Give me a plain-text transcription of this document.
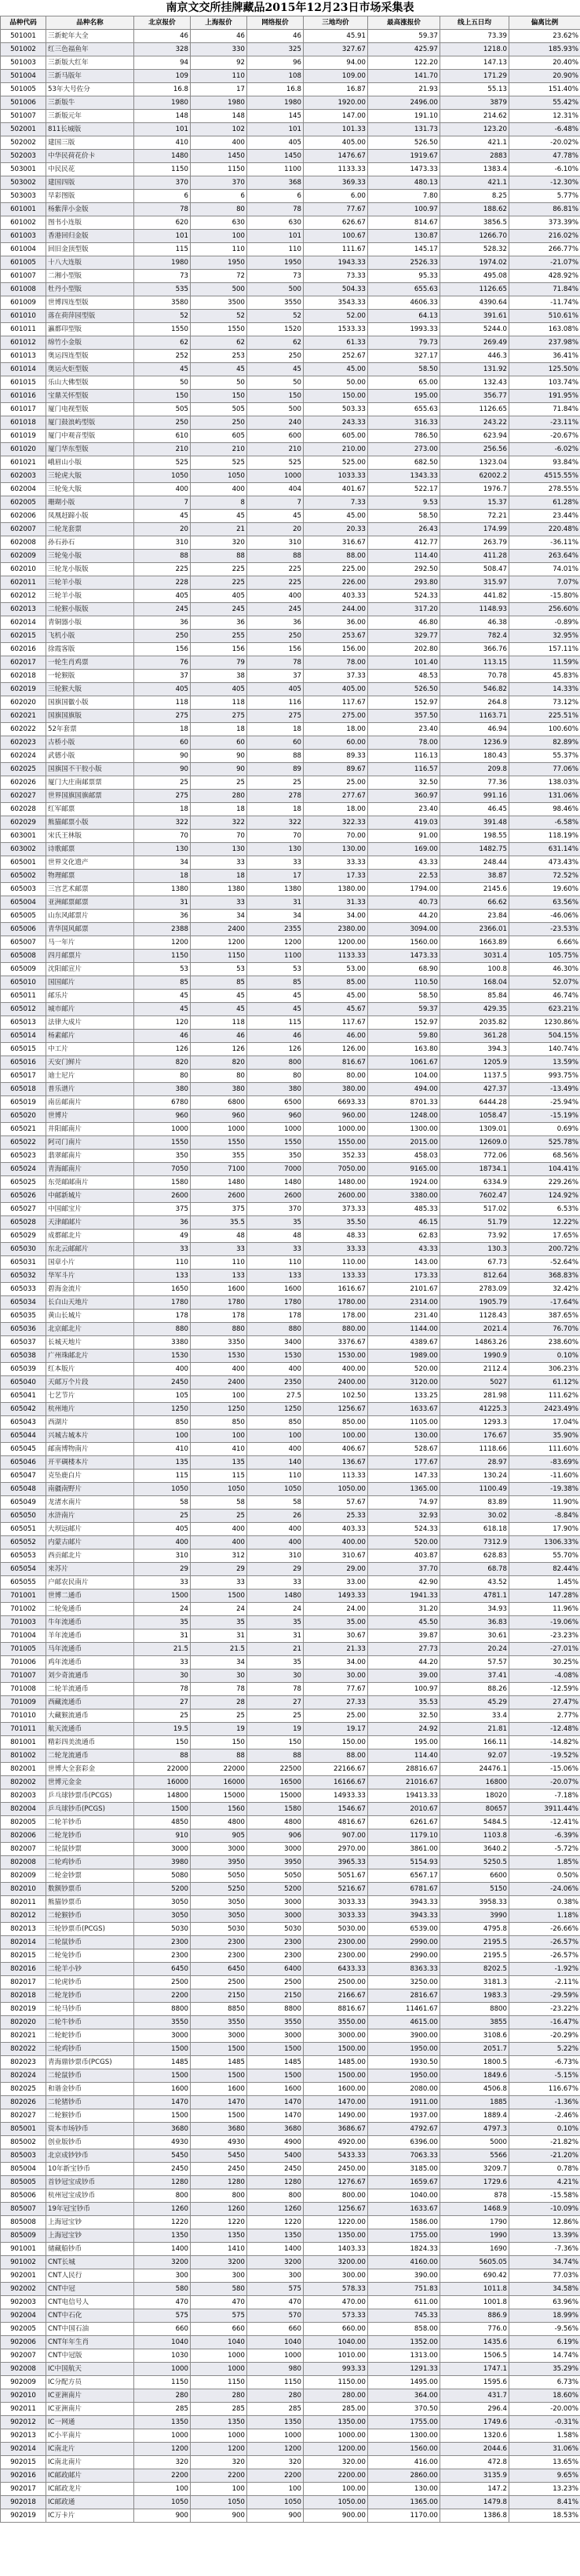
南京文交所挂牌藏品2015年12月23日市场采集表
品种代码	品种名称	北京报价	上海报价	网络报价	三地均价	最高涨报价	线上五日均	偏离比例
501001	三新蛇年大全	46	46	46	45.91	59.37	73.39	23.62%
501002	红三色福鱼年	328	330	325	327.67	425.97	1218.0	185.93%
501003	三新版大红年	94	92	96	94.00	122.20	147.13	20.40%
501004	三新马版年	109	110	108	109.00	141.70	171.29	20.90%
501005	53年大号佐分	16.8	17	16.8	16.87	21.93	55.13	151.40%
501006	三新版牛	1980	1980	1980	1920.00	2496.00	3879	55.42%
501007	三新版元年	148	148	145	147.00	191.10	214.62	12.31%
502001	811长城版	101	102	101	101.33	131.73	123.20	-6.48%
502002	建国三版	410	400	405	405.00	526.50	421.1	-20.02%
502003	中华民荷花价卡	1480	1450	1450	1476.67	1919.67	2883	47.78%
503001	中民民花	1150	1150	1100	1133.33	1473.33	1383.4	-6.10%
503002	建国四版	370	370	368	369.33	480.13	421.1	-12.30%
503003	早彩图版	6	6	6	6.00	7.80	8.25	5.77%
601001	杨紫萍小金版	78	80	78	77.67	100.97	188.62	86.81%
601002	图书小连版	620	630	630	626.67	814.67	3856.5	373.39%
601003	香港回归金版	101	100	101	100.67	130.87	1266.70	216.02%
601004	回旧金顶型版	115	110	110	111.67	145.17	528.32	266.77%
601005	十八大连版	1980	1950	1950	1943.33	2526.33	1974.02	-21.07%
601007	二湘小型版	73	72	73	73.33	95.33	495.08	428.92%
601008	牡丹小型版	535	500	500	504.33	655.63	1126.65	71.84%
601009	世博四连型版	3580	3500	3550	3543.33	4606.33	4390.64	-11.74%
601010	落在荷萍园型版	52	52	52	52.00	64.13	391.61	510.61%
601011	瀛都印型版	1550	1550	1520	1533.33	1993.33	5244.0	163.08%
601012	绵竹小金版	62	62	62	61.33	79.73	269.49	237.98%
601013	奥运四连型版	252	253	250	252.67	327.17	446.3	36.41%
601014	奥运火炬型版	45	45	45	45.00	58.50	131.92	125.50%
601015	乐山大佛型版	50	50	50	50.00	65.00	132.43	103.74%
601016	宝鼎关怀型版	150	150	150	150.00	195.00	356.77	191.95%
601017	厦门电视型版	505	505	500	503.33	655.63	1126.65	71.84%
601018	厦门鼓浪屿型版	250	250	240	243.33	316.33	243.22	-23.11%
601019	厦门中观音型版	610	605	600	605.00	786.50	623.94	-20.67%
601020	厦门华东型版	210	210	210	210.00	273.00	256.56	-6.02%
601021	峨眉山小版	525	525	525	525.00	682.50	1323.04	93.84%
602003	三轮虎大版	1050	1050	1000	1033.33	1343.33	62002.2	4515.55%
602004	三轮兔大版	400	400	404	401.67	522.17	1976.7	278.55%
602005	珊瑚小版	7	8	7	7.33	9.53	15.37	61.28%
602006	凤凰赶蹄小版	45	45	45	45.00	58.50	72.21	23.44%
602007	二轮龙套票	20	21	20	20.33	26.43	174.99	220.48%
602008	孙石孙石	310	320	310	316.67	412.77	263.79	-36.11%
602009	三轮兔小版	88	88	88	88.00	114.40	411.28	263.64%
602010	三轮龙小版版	225	225	225	225.00	292.50	508.47	74.01%
602011	三轮羊小版	228	225	225	226.00	293.80	315.97	7.07%
602012	三轮羊小版	405	405	400	403.33	524.33	441.82	-15.80%
602013	二轮猴小版版	245	245	245	244.00	317.20	1148.93	256.60%
602014	青铜器小版	36	36	36	36.00	46.80	46.38	-0.89%
602015	飞机小版	250	255	250	253.67	329.77	782.4	32.95%
602016	徐霞客版	156	156	156	156.00	202.80	366.76	157.11%
602017	一轮生肖鸡票	76	79	78	78.00	101.40	113.15	11.59%
602018	一轮猴版	37	38	37	37.33	48.53	70.78	45.83%
602019	三轮猴大版	405	405	405	405.00	526.50	546.82	14.33%
602020	国旗国徽小版	118	118	116	117.67	152.97	264.8	73.12%
602021	国旗国旗版	275	275	275	275.00	357.50	1163.71	225.51%
602022	52年套票	18	18	18	18.00	23.40	46.94	100.60%
602023	古桥小版	60	60	60	60.00	78.00	1236.9	82.89%
602024	武德小版	90	90	88	89.33	116.13	180.43	55.37%
602025	国旗国不干胶小版	90	90	89	89.67	116.57	209.8	77.06%
602026	厦门大庄南邮票票	25	25	25	25.00	32.50	77.36	138.03%
602027	世界国旗国旗邮票	275	280	278	277.67	360.97	991.16	131.06%
602028	红军邮票	18	18	18	18.00	23.40	46.45	98.46%
602029	熊猫邮票小版	322	322	322	322.33	419.03	391.48	-6.58%
603001	宋氏王林版	70	70	70	70.00	91.00	198.55	118.19%
603002	诗歌邮票	130	130	130	130.00	169.00	1482.75	631.14%
605001	世界文化遗产	34	33	33	33.33	43.33	248.44	473.43%
605002	物理邮票	18	18	17	17.33	22.53	38.87	72.52%
605003	三宫艺术邮票	1380	1380	1380	1380.00	1794.00	2145.6	19.60%
605004	亚洲邮票邮票	31	33	31	31.33	40.73	66.62	63.56%
605005	山东风邮票片	36	34	34	34.00	44.20	23.84	-46.06%
605006	青华国风邮票	2388	2400	2355	2380.00	3094.00	2366.01	-23.53%
605007	马一年片	1200	1200	1200	1200.00	1560.00	1663.89	6.66%
605008	四月邮票片	1150	1150	1100	1133.33	1473.33	3031.4	105.75%
605009	沈阳邮宣片	53	53	53	53.00	68.90	100.8	46.30%
605010	国国邮片	85	85	85	85.00	110.50	168.04	52.07%
605011	邮乐片	45	45	45	45.00	58.50	85.84	46.74%
605012	城市邮片	45	45	45	45.67	59.37	429.35	623.21%
605013	法律大成片	120	118	115	117.67	152.97	2035.82	1230.86%
605014	杨素邮片	46	46	46	46.00	59.80	361.28	504.15%
605015	中工片	126	126	126	126.00	163.80	394.3	140.74%
605016	天安门鲜片	820	820	800	816.67	1061.67	1205.9	13.59%
605017	迪士尼片	80	80	80	80.00	104.00	1137.5	993.75%
605018	普乐谱片	380	380	380	380.00	494.00	427.37	-13.49%
605019	南岳邮南片	6780	6800	6500	6693.33	8701.33	6444.28	-25.94%
605020	世博片	960	960	960	960.00	1248.00	1058.47	-15.19%
605021	井阳邮南片	1000	1000	1000	1000.00	1300.00	1309.01	0.69%
605022	阿司门南片	1550	1550	1550	1550.00	2015.00	12609.0	525.78%
605023	翡翠邮南片	350	355	350	352.33	458.03	772.06	68.56%
605024	青海邮南片	7050	7100	7000	7050.00	9165.00	18734.1	104.41%
605025	东莞邮邮南片	1580	1480	1480	1480.00	1924.00	6334.9	229.26%
605026	中邮新城片	2600	2600	2600	2600.00	3380.00	7602.47	124.92%
605027	中国邮宝片	375	375	370	373.33	485.33	517.02	6.53%
605028	天津邮邮片	36	35.5	35	35.50	46.15	51.79	12.22%
605029	成都邮北片	49	48	48	48.33	62.83	73.92	17.65%
605030	东北云邮邮片	33	33	33	33.33	43.33	130.3	200.72%
605031	国章小片	110	110	110	110.00	143.00	67.73	-52.64%
605032	华军斗片	133	133	133	133.33	173.33	812.64	368.83%
605033	碧海金流片	1650	1600	1600	1616.67	2101.67	2783.09	32.42%
605034	长白山天地片	1780	1780	1780	1780.00	2314.00	1905.79	-17.64%
605035	黄山长城片	178	178	178	178.00	231.40	1128.43	387.65%
605036	北京邮北片	880	880	880	880.00	1144.00	2021.4	76.70%
605037	长城天地片	3380	3350	3400	3376.67	4389.67	14863.26	238.60%
605038	广州珠邮北片	1530	1530	1530	1530.00	1989.00	1990.9	0.10%
605039	红本版片	400	400	400	400.00	520.00	2112.4	306.23%
605040	天邮万个片段	2450	2400	2350	2400.00	3120.00	5027	61.12%
605041	七艺节片	105	100	27.5	102.50	133.25	281.98	111.62%
605042	杭州地片	1250	1250	1250	1256.67	1633.67	41225.3	2423.49%
605043	西湖片	850	850	850	850.00	1105.00	1293.3	17.04%
605044	兴城古城本片	100	100	100	100.00	130.00	176.67	35.90%
605045	邮南博物南片	410	410	400	406.67	528.67	1118.66	111.60%
605046	开平碉楼本片	135	135	140	136.67	177.67	28.97	-83.69%
605047	克坠鹿白片	115	115	110	113.33	147.33	130.24	-11.60%
605048	南疆南野片	1050	1050	1050	1050.00	1365.00	1100.49	-19.38%
605049	龙渚水南片	58	58	58	57.67	74.97	83.89	11.90%
605050	水浒南片	25	25	26	25.33	32.93	30.02	-8.84%
605051	大坝远邮片	405	400	400	403.33	524.33	618.18	17.90%
605052	内蒙古邮片	400	400	400	400.00	520.00	7312.9	1306.33%
605053	西贡邮北片	310	312	310	310.67	403.87	628.83	55.70%
605054	来苏片	29	29	29	29.00	37.70	68.78	82.44%
605055	户邮农民南片	33	33	33	33.00	42.90	43.52	1.45%
701001	世博二通币	1500	1500	1480	1493.33	1941.33	4781.1	147.28%
701002	二轮兔通币	24	24	24	24.00	31.20	34.93	11.96%
701003	牛年流通币	35	35	35	35.00	45.50	36.83	-19.06%
701004	羊年流通币	31	31	31	30.67	39.87	30.61	-23.23%
701005	马年流通币	21.5	21.5	21	21.33	27.73	20.24	-27.01%
701006	鸡年流通币	33	34	35	34.00	44.20	57.57	30.25%
701007	刘少奇流通币	30	30	30	30.00	39.00	37.41	-4.08%
701008	二轮羊流通币	78	78	78	77.67	100.97	88.26	-12.59%
701009	西藏流通币	27	28	27	27.33	35.53	45.29	27.47%
701010	大藏猴流通币	25	25	25	25.00	32.50	33.4	2.77%
701011	航天流通币	19.5	19	19	19.17	24.92	21.81	-12.48%
801001	精彩四美流通币	150	150	150	150.00	195.00	166.11	-14.82%
801002	二轮龙流通币	88	88	88	88.00	114.40	92.07	-19.52%
802001	世博大全套彩金	22000	22000	22500	22166.67	28816.67	24476.1	-15.06%
802002	世博元金金	16000	16000	16500	16166.67	21016.67	16800	-20.07%
802003	乒乓球钞票币(PCGS)	14800	15000	15000	14933.33	19413.33	18020	-7.18%
802004	乒乓球钞币(PCGS)	1500	1560	1580	1546.67	2010.67	80657	3911.44%
802005	二轮羊钞币	4850	4800	4800	4816.67	6261.67	5484.5	-12.41%
802006	二轮龙钞币	910	905	906	907.00	1179.10	1103.8	-6.39%
802007	二轮鼠钞票	3000	3000	3000	2970.00	3861.00	3640.2	-5.72%
802008	二轮鸡钞币	3980	3950	3950	3965.33	5154.93	5250.5	1.85%
802009	二轮金钞票	5080	5050	5050	5051.67	6567.17	6600	0.50%
802010	数额钞票币	5200	5250	5200	5216.67	6781.67	5150	-24.06%
802011	熊猫钞票币	3050	3050	3000	3033.33	3943.33	3958.33	0.38%
802012	二轮猴钞币	3050	3050	3000	3033.33	3943.33	3990	1.18%
802013	三轮钞票币(PCGS)	5030	5030	5030	5030.00	6539.00	4795.8	-26.66%
802014	二轮鼠钞币	2300	2300	2300	2300.00	2990.00	2195.5	-26.57%
802015	二轮兔钞币	2300	2300	2300	2300.00	2990.00	2195.5	-26.57%
802016	二轮羊小钞	6450	6450	6400	6433.33	8363.33	8202.5	-1.92%
802017	二轮虎钞币	2500	2500	2500	2500.00	3250.00	3181.3	-2.11%
802018	二轮龙钞币	2200	2150	2150	2166.67	2816.67	1983.3	-29.59%
802019	二轮马钞币	8800	8850	8800	8816.67	11461.67	8800	-23.22%
802020	二轮牛钞币	3550	3550	3550	3550.00	4615.00	3855	-16.47%
802021	二轮蛇钞币	3000	3000	3000	3000.00	3900.00	3108.6	-20.29%
802022	二轮鸡钞币	1500	1500	1500	1500.00	1950.00	2051.7	5.22%
802023	青海鼎钞票币(PCGS)	1485	1485	1485	1485.00	1930.50	1800.5	-6.73%
802024	二轮鼠钞币	1500	1500	1500	1500.00	1950.00	1849.6	-5.15%
802025	和谐金钞币	1600	1600	1600	1600.00	2080.00	4506.8	116.67%
802026	二轮猪钞币	1470	1470	1470	1470.00	1911.00	1885	-1.36%
802027	二轮猴钞币	1500	1500	1470	1490.00	1937.00	1889.4	-2.46%
805001	资本市场钞币	3680	3680	3680	3686.67	4792.67	4797.3	0.10%
805002	创业版钞币	4930	4930	4900	4920.00	6396.00	5000	-21.82%
805003	北京成钞钞币	5450	5450	5400	5433.33	7063.33	5566	-21.20%
805004	10年新宝钞币	2450	2450	2450	2450.00	3185.00	3209.7	0.78%
805005	首钞冠宝成钞币	1280	1280	1280	1276.67	1659.67	1729.6	4.21%
805006	杭州冠宝成钞币	800	800	800	800.00	1040.00	878	-15.58%
805007	19年冠宝钞币	1260	1260	1260	1256.67	1633.67	1468.9	-10.09%
805008	上海冠宝钞	1220	1220	1220	1220.00	1586.00	1790	12.86%
805009	上海冠宝钞	1350	1350	1350	1350.00	1755.00	1990	13.39%
901001	储藏船钞币	1400	1410	1400	1403.33	1824.33	1690	-7.36%
901002	CNT长城	3200	3200	3200	3200.00	4160.00	5605.05	34.74%
902001	CNT人民行	300	300	300	300.00	390.00	690.42	77.03%
902002	CNT中冠	580	580	575	578.33	751.83	1011.8	34.58%
902003	CNT电信号人	470	470	470	470.00	611.00	1001.8	63.96%
902004	CNT中石化	575	575	570	573.33	745.33	886.9	18.99%
902005	CNT中国石油	660	660	660	660.00	858.00	776.0	-9.56%
902006	CNT年年生肖	1040	1040	1040	1040.00	1352.00	1435.6	6.19%
902007	CNT中冠版	1030	1000	1000	1010.00	1313.00	1506.5	14.74%
902008	IC中国航天	1000	1000	980	993.33	1291.33	1747.1	35.29%
902009	IC分配方员	1150	1150	1150	1150.00	1495.00	1595.6	6.73%
902010	IC亚洲南片	280	280	280	280.00	364.00	431.7	18.60%
902011	IC亚洲南片	285	285	285	285.00	370.50	296.4	-20.00%
902012	IC一网通	1350	1350	1350	1350.00	1755.00	1749.6	-0.31%
902013	IC小平南片	1000	1000	1000	1000.00	1300.00	1320.6	1.58%
902014	IC南北片	1200	1200	1200	1200.00	1560.00	2044.6	31.06%
902015	IC南北南片	320	320	320	320.00	416.00	472.8	13.65%
902016	IC邮政邮片	2200	2200	2200	2200.00	2860.00	3135.9	9.65%
902017	IC邮政龙片	100	100	100	100.00	130.00	147.2	13.23%
902018	IC邮政通	1050	1050	1050	1050.00	1365.00	1479.8	8.41%
902019	IC万卡片	900	900	900	900.00	1170.00	1386.8	18.53%
